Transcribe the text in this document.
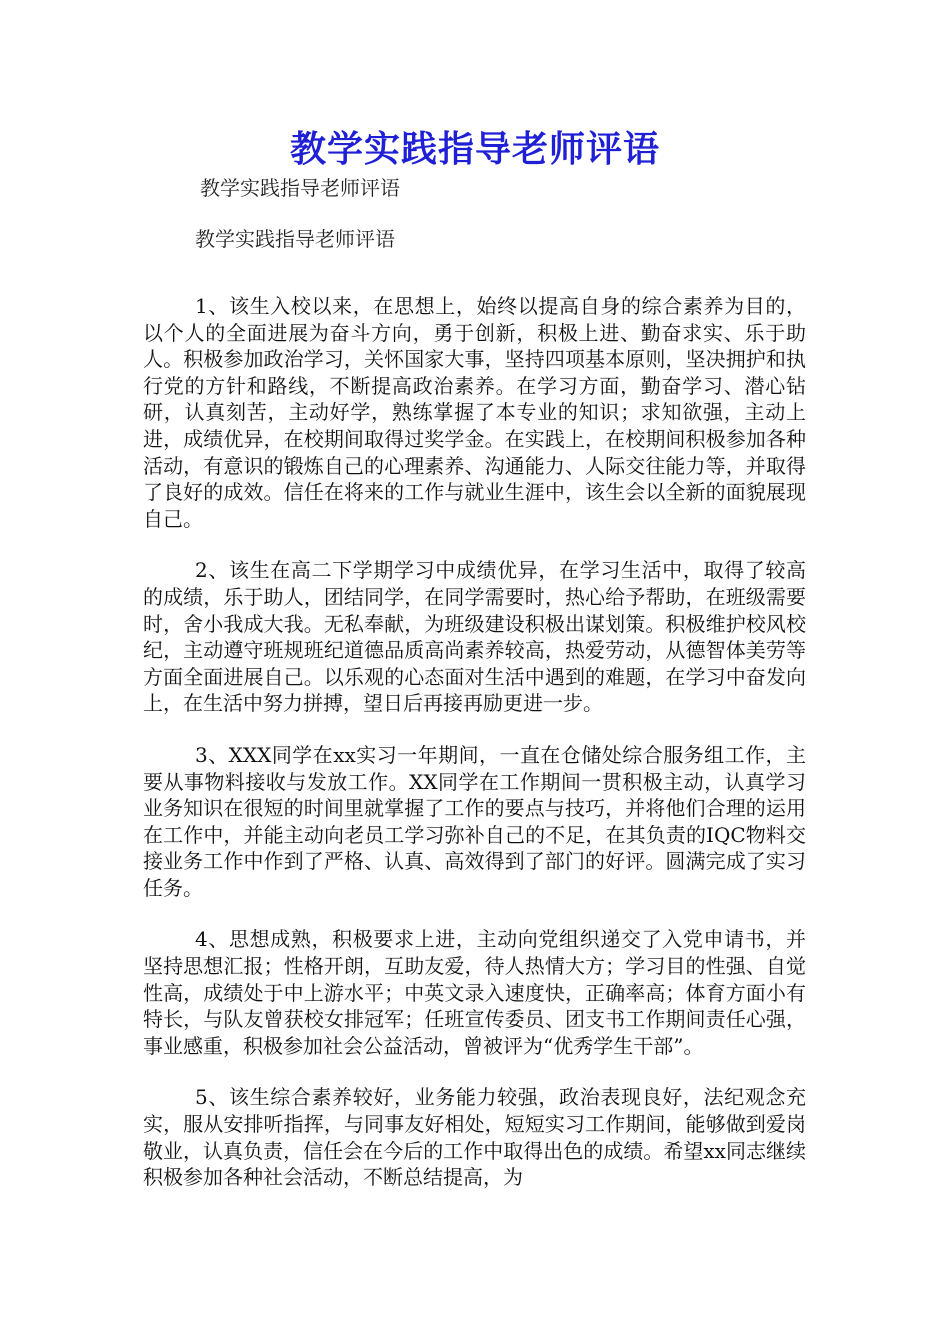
教学实践指导老师评语
教学实践指导老师评语
教学实践指导老师评语

1、该生入校以来，在思想上，始终以提高自身的综合素养为目的，以个人的全面进展为奋斗方向，勇于创新，积极上进、勤奋求实、乐于助人。积极参加政治学习，关怀国家大事，坚持四项基本原则，坚决拥护和执行党的方针和路线，不断提高政治素养。在学习方面，勤奋学习、潜心钻研，认真刻苦，主动好学，熟练掌握了本专业的知识；求知欲强，主动上进，成绩优异，在校期间取得过奖学金。在实践上，在校期间积极参加各种活动，有意识的锻炼自己的心理素养、沟通能力、人际交往能力等，并取得了良好的成效。信任在将来的工作与就业生涯中，该生会以全新的面貌展现自己。

2、该生在高二下学期学习中成绩优异，在学习生活中，取得了较高的成绩，乐于助人，团结同学，在同学需要时，热心给予帮助，在班级需要时，舍小我成大我。无私奉献，为班级建设积极出谋划策。积极维护校风校纪，主动遵守班规班纪道德品质高尚素养较高，热爱劳动，从德智体美劳等方面全面进展自己。以乐观的心态面对生活中遇到的难题，在学习中奋发向上，在生活中努力拼搏，望日后再接再励更进一步。

3、XXX同学在xx实习一年期间，一直在仓储处综合服务组工作，主要从事物料接收与发放工作。XX同学在工作期间一贯积极主动，认真学习业务知识在很短的时间里就掌握了工作的要点与技巧，并将他们合理的运用在工作中，并能主动向老员工学习弥补自己的不足，在其负责的IQC物料交接业务工作中作到了严格、认真、高效得到了部门的好评。圆满完成了实习任务。

4、思想成熟，积极要求上进，主动向党组织递交了入党申请书，并坚持思想汇报；性格开朗，互助友爱，待人热情大方；学习目的性强、自觉性高，成绩处于中上游水平；中英文录入速度快，正确率高；体育方面小有特长，与队友曾获校女排冠军；任班宣传委员、团支书工作期间责任心强，事业感重，积极参加社会公益活动，曾被评为“优秀学生干部”。

5、该生综合素养较好，业务能力较强，政治表现良好，法纪观念充实，服从安排听指挥，与同事友好相处，短短实习工作期间，能够做到爱岗敬业，认真负责，信任会在今后的工作中取得出色的成绩。希望xx同志继续积极参加各种社会活动，不断总结提高，为
